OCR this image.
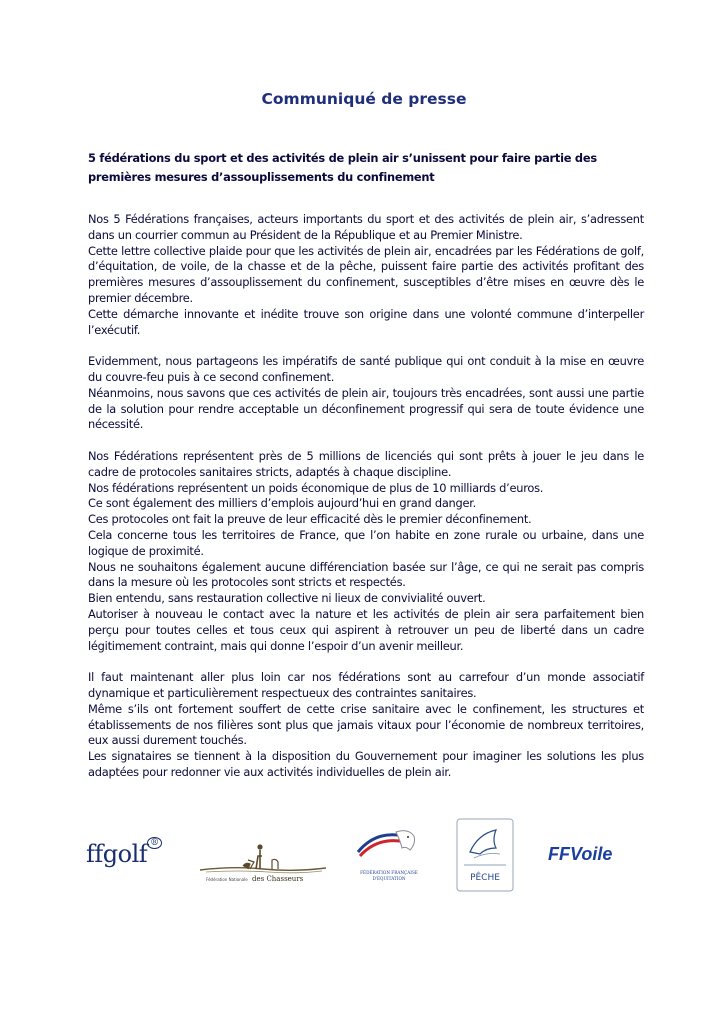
Communiqué de presse
5 fédérations du sport et des activités de plein air s’unissent pour faire partie des premières mesures d’assouplissements du confinement

Nos 5 Fédérations françaises, acteurs importants du sport et des activités de plein air, s’adressent dans un courrier commun au Président de la République et au Premier Ministre.

Cette lettre collective plaide pour que les activités de plein air, encadrées par les Fédérations de golf, d’équitation, de voile, de la chasse et de la pêche, puissent faire partie des activités profitant des premières mesures d’assouplissement du confinement, susceptibles d’être mises en œuvre dès le premier décembre.

Cette démarche innovante et inédite trouve son origine dans une volonté commune d’interpeller l’exécutif.

Evidemment, nous partageons les impératifs de santé publique qui ont conduit à la mise en œuvre du couvre-feu puis à ce second confinement.

Néanmoins, nous savons que ces activités de plein air, toujours très encadrées, sont aussi une partie de la solution pour rendre acceptable un déconfinement progressif qui sera de toute évidence une nécessité.

Nos Fédérations représentent près de 5 millions de licenciés qui sont prêts à jouer le jeu dans le cadre de protocoles sanitaires stricts, adaptés à chaque discipline.

Nos fédérations représentent un poids économique de plus de 10 milliards d’euros.

Ce sont également des milliers d’emplois aujourd’hui en grand danger.

Ces protocoles ont fait la preuve de leur efficacité dès le premier déconfinement.

Cela concerne tous les territoires de France, que l’on habite en zone rurale ou urbaine, dans une logique de proximité.

Nous ne souhaitons également aucune différenciation basée sur l’âge, ce qui ne serait pas compris dans la mesure où les protocoles sont stricts et respectés.

Bien entendu, sans restauration collective ni lieux de convivialité ouvert.

Autoriser à nouveau le contact avec la nature et les activités de plein air sera parfaitement bien perçu pour toutes celles et tous ceux qui aspirent à retrouver un peu de liberté dans un cadre légitimement contraint, mais qui donne l’espoir d’un avenir meilleur.

Il faut maintenant aller plus loin car nos fédérations sont au carrefour d’un monde associatif dynamique et particulièrement respectueux des contraintes sanitaires.

Même s’ils ont fortement souffert de cette crise sanitaire avec le confinement, les structures et établissements de nos filières sont plus que jamais vitaux pour l’économie de nombreux territoires, eux aussi durement touchés.

Les signataires se tiennent à la disposition du Gouvernement pour imaginer les solutions les plus adaptées pour redonner vie aux activités individuelles de plein air.

ffgolf ®
Fédération Nationale des Chasseurs
FÉDÉRATION FRANÇAISE
D'ÉQUITATION	PÊCHE
FFVoile
